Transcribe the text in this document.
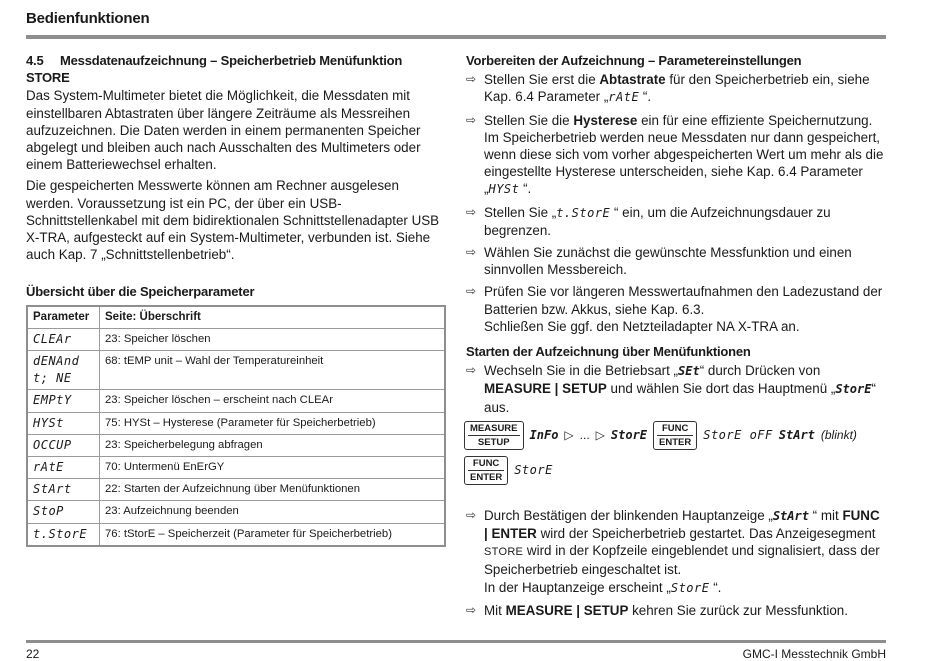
Bedienfunktionen
4.5 Messdatenaufzeichnung – Speicherbetrieb Menüfunktion STORE

Das System-Multimeter bietet die Möglichkeit, die Messdaten mit einstellbaren Abtastraten über längere Zeiträume als Messreihen aufzuzeichnen. Die Daten werden in einem permanenten Speicher abgelegt und bleiben auch nach Ausschalten des Multimeters oder einem Batteriewechsel erhalten.

Die gespeicherten Messwerte können am Rechner ausgelesen werden. Voraussetzung ist ein PC, der über ein USB-Schnittstellenkabel mit dem bidirektionalen Schnittstellenadapter USB X-TRA, aufgesteckt auf ein System-Multimeter, verbunden ist. Siehe auch Kap. 7 „Schnittstellenbetrieb“.

Übersicht über die Speicherparameter
Parameter	Seite: Überschrift
CLEAr	23: Speicher löschen
dENAnd t; NE	68: tEMP unit – Wahl der Temperatureinheit
EMPtY	23: Speicher löschen – erscheint nach CLEAr
HYSt	75: HYSt – Hysterese (Parameter für Speicherbetrieb)
OCCUP	23: Speicherbelegung abfragen
rAtE	70: Untermenü EnErGY
StArt	22: Starten der Aufzeichnung über Menüfunktionen
StoP	23: Aufzeichnung beenden
t.StorE	76: tStorE – Speicherzeit (Parameter für Speicherbetrieb)
Vorbereiten der Aufzeichnung – Parametereinstellungen
⇨ Stellen Sie erst die Abtastrate für den Speicherbetrieb ein, siehe Kap. 6.4 Parameter „rAtE “.
⇨ Stellen Sie die Hysterese ein für eine effiziente Speichernutzung. Im Speicherbetrieb werden neue Messdaten nur dann gespeichert, wenn diese sich vom vorher abgespeicherten Wert um mehr als die eingestellte Hysterese unterscheiden, siehe Kap. 6.4 Parameter „HYSt “.
⇨ Stellen Sie „t.StorE “ ein, um die Aufzeichnungsdauer zu begrenzen.
⇨ Wählen Sie zunächst die gewünschte Messfunktion und einen sinnvollen Messbereich.
⇨ Prüfen Sie vor längeren Messwertaufnahmen den Ladezustand der Batterien bzw. Akkus, siehe Kap. 6.3.
Schließen Sie ggf. den Netzteiladapter NA X-TRA an.
Starten der Aufzeichnung über Menüfunktionen
⇨ Wechseln Sie in die Betriebsart „SEt“ durch Drücken von MEASURE | SETUP und wählen Sie dort das Hauptmenü „StorE“ aus.
MEASURE
SETUP
InFo ▷ ... ▷ StorE	FUNC
ENTER
StorE oFF StArt (blinkt)
FUNC
ENTER
StorE
⇨ Durch Bestätigen der blinkenden Hauptanzeige „StArt “ mit FUNC | ENTER wird der Speicherbetrieb gestartet. Das Anzeigesegment STORE wird in der Kopfzeile eingeblendet und signalisiert, dass der Speicherbetrieb eingeschaltet ist.
In der Hauptanzeige erscheint „StorE “.
⇨ Mit MEASURE | SETUP kehren Sie zurück zur Messfunktion.
22	GMC-I Messtechnik GmbH
